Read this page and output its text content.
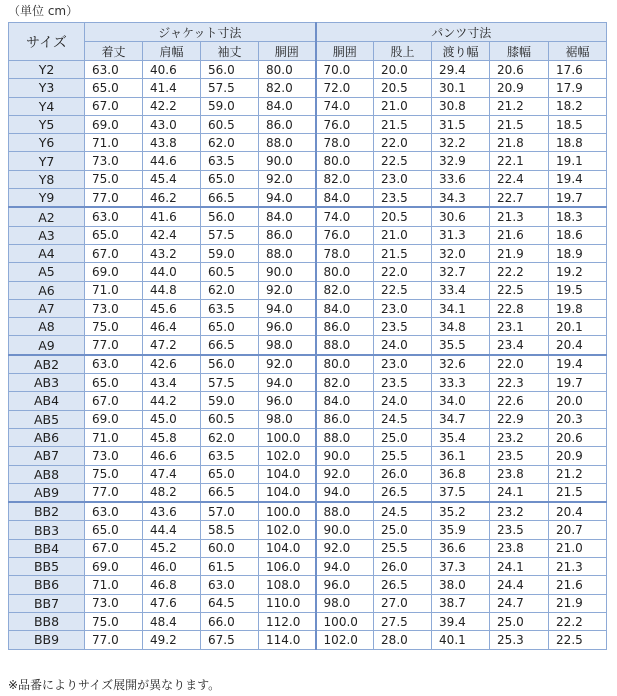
（単位 cm）
サイズ	ジャケット寸法				パンツ寸法				
	着丈	肩幅	袖丈	胴囲	胴囲	股上	渡り幅	膝幅	裾幅
Y2	63.0	40.6	56.0	80.0	70.0	20.0	29.4	20.6	17.6
Y3	65.0	41.4	57.5	82.0	72.0	20.5	30.1	20.9	17.9
Y4	67.0	42.2	59.0	84.0	74.0	21.0	30.8	21.2	18.2
Y5	69.0	43.0	60.5	86.0	76.0	21.5	31.5	21.5	18.5
Y6	71.0	43.8	62.0	88.0	78.0	22.0	32.2	21.8	18.8
Y7	73.0	44.6	63.5	90.0	80.0	22.5	32.9	22.1	19.1
Y8	75.0	45.4	65.0	92.0	82.0	23.0	33.6	22.4	19.4
Y9	77.0	46.2	66.5	94.0	84.0	23.5	34.3	22.7	19.7
A2	63.0	41.6	56.0	84.0	74.0	20.5	30.6	21.3	18.3
A3	65.0	42.4	57.5	86.0	76.0	21.0	31.3	21.6	18.6
A4	67.0	43.2	59.0	88.0	78.0	21.5	32.0	21.9	18.9
A5	69.0	44.0	60.5	90.0	80.0	22.0	32.7	22.2	19.2
A6	71.0	44.8	62.0	92.0	82.0	22.5	33.4	22.5	19.5
A7	73.0	45.6	63.5	94.0	84.0	23.0	34.1	22.8	19.8
A8	75.0	46.4	65.0	96.0	86.0	23.5	34.8	23.1	20.1
A9	77.0	47.2	66.5	98.0	88.0	24.0	35.5	23.4	20.4
AB2	63.0	42.6	56.0	92.0	80.0	23.0	32.6	22.0	19.4
AB3	65.0	43.4	57.5	94.0	82.0	23.5	33.3	22.3	19.7
AB4	67.0	44.2	59.0	96.0	84.0	24.0	34.0	22.6	20.0
AB5	69.0	45.0	60.5	98.0	86.0	24.5	34.7	22.9	20.3
AB6	71.0	45.8	62.0	100.0	88.0	25.0	35.4	23.2	20.6
AB7	73.0	46.6	63.5	102.0	90.0	25.5	36.1	23.5	20.9
AB8	75.0	47.4	65.0	104.0	92.0	26.0	36.8	23.8	21.2
AB9	77.0	48.2	66.5	104.0	94.0	26.5	37.5	24.1	21.5
BB2	63.0	43.6	57.0	100.0	88.0	24.5	35.2	23.2	20.4
BB3	65.0	44.4	58.5	102.0	90.0	25.0	35.9	23.5	20.7
BB4	67.0	45.2	60.0	104.0	92.0	25.5	36.6	23.8	21.0
BB5	69.0	46.0	61.5	106.0	94.0	26.0	37.3	24.1	21.3
BB6	71.0	46.8	63.0	108.0	96.0	26.5	38.0	24.4	21.6
BB7	73.0	47.6	64.5	110.0	98.0	27.0	38.7	24.7	21.9
BB8	75.0	48.4	66.0	112.0	100.0	27.5	39.4	25.0	22.2
BB9	77.0	49.2	67.5	114.0	102.0	28.0	40.1	25.3	22.5
※品番によりサイズ展開が異なります。
